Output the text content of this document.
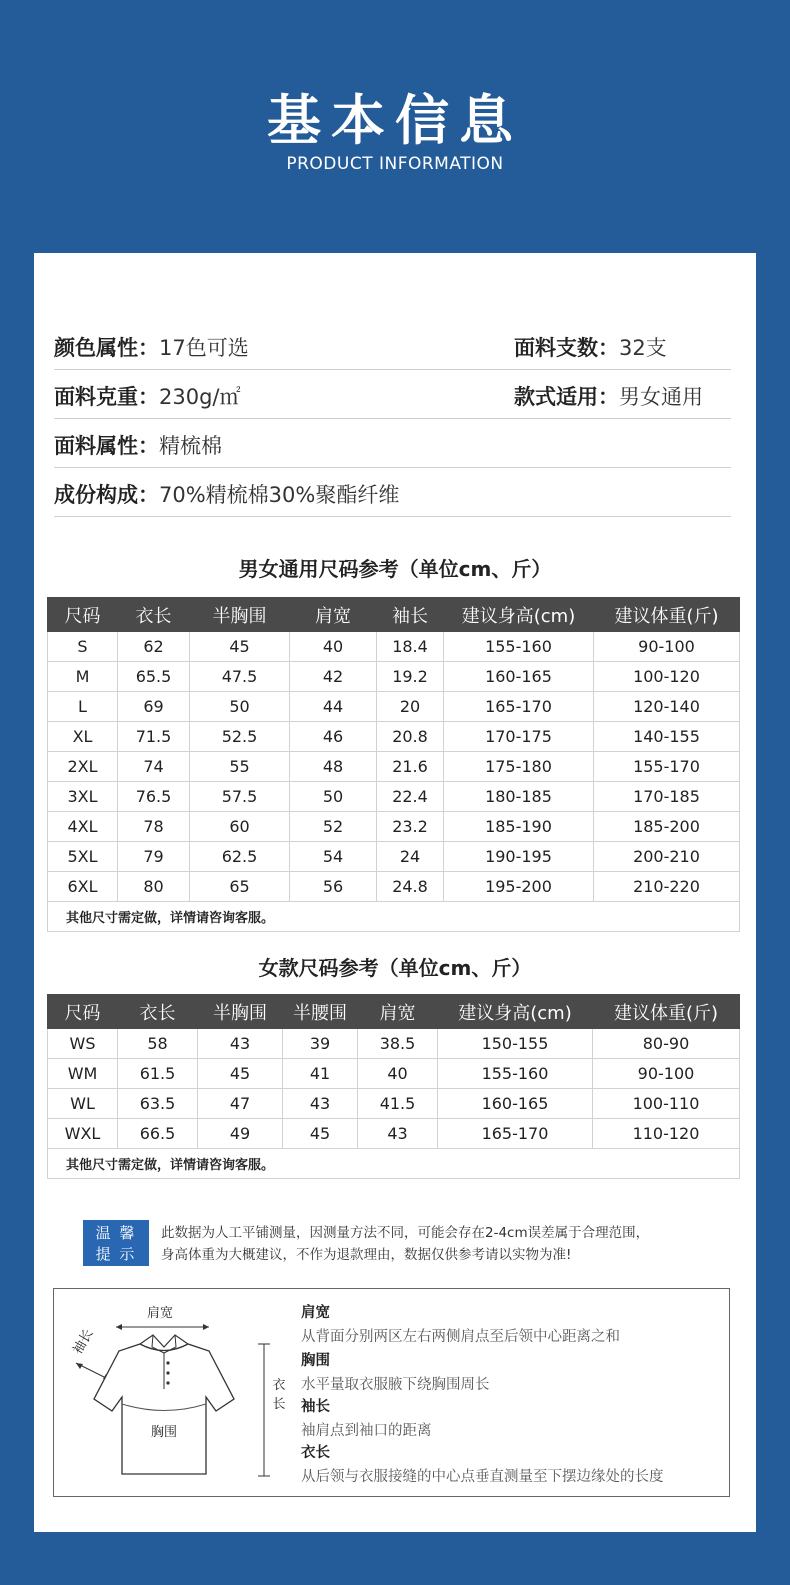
基本信息
PRODUCT INFORMATION
颜色属性：17色可选	面料支数：32支
面料克重：230g/㎡	款式适用：男女通用
面料属性：精梳棉
成份构成：70%精梳棉30%聚酯纤维
男女通用尺码参考（单位cm、斤）
尺码	衣长	半胸围	肩宽	袖长	建议身高(cm)	建议体重(斤)
S	62	45	40	18.4	155-160	90-100
M	65.5	47.5	42	19.2	160-165	100-120
L	69	50	44	20	165-170	120-140
XL	71.5	52.5	46	20.8	170-175	140-155
2XL	74	55	48	21.6	175-180	155-170
3XL	76.5	57.5	50	22.4	180-185	170-185
4XL	78	60	52	23.2	185-190	185-200
5XL	79	62.5	54	24	190-195	200-210
6XL	80	65	56	24.8	195-200	210-220
其他尺寸需定做，详情请咨询客服。						
女款尺码参考（单位cm、斤）
尺码	衣长	半胸围	半腰围	肩宽	建议身高(cm)	建议体重(斤)
WS	58	43	39	38.5	150-155	80-90
WM	61.5	45	41	40	155-160	90-100
WL	63.5	47	43	41.5	160-165	100-110
WXL	66.5	49	45	43	165-170	110-120
其他尺寸需定做，详情请咨询客服。						
温 馨
提 示
此数据为人工平铺测量，因测量方法不同，可能会存在2-4cm误差属于合理范围，
身高体重为大概建议，不作为退款理由，数据仅供参考请以实物为准!
肩宽
袖长
胸围
衣
长
肩宽
从背面分别两区左右两侧肩点至后领中心距离之和
胸围
水平量取衣服腋下绕胸围周长
袖长
袖肩点到袖口的距离
衣长
从后领与衣服接缝的中心点垂直测量至下摆边缘处的长度
